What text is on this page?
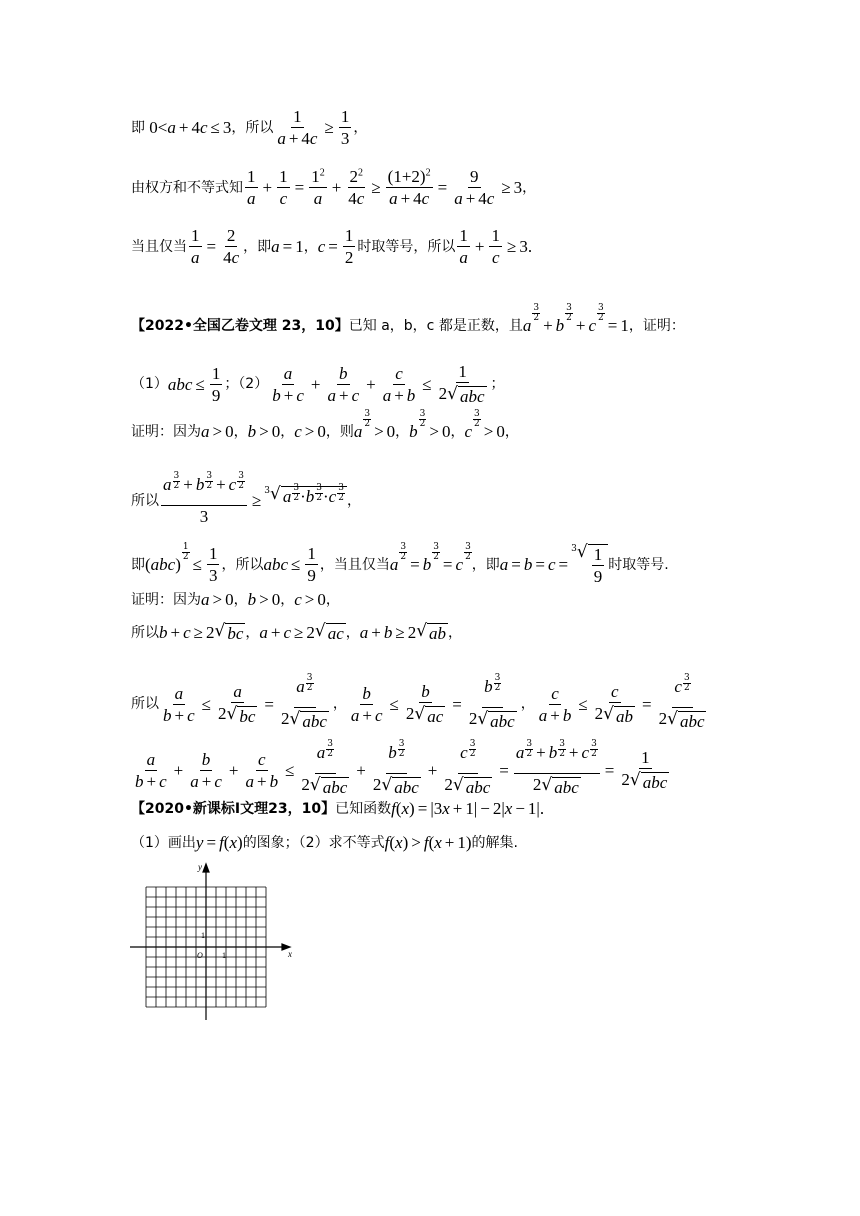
即 0< a + 4 c ≤ 3 ，所以 $\frac{1}{a + 4c} \ge \frac{1}{3}$ ，
由权方和不等式知 $\frac{1}{a} + \frac{1}{c} = \frac{1^2}{a} + \frac{2^2}{4c} \ge \frac{(1+2)^2}{a + 4c} = \frac{9}{a + 4c} \ge 3$ ，
当且仅当 $\frac{1}{a} = \frac{2}{4c}$ ，即 a = 1 ， $c = \frac{1}{2}$ 时取等号，所以 $\frac{1}{a} + \frac{1}{c} \ge 3$ .
【2022•全国乙卷文理 23，10】 已知 a，b，c 都是正数，且 a
3
2 + b
3
2 + c
$\frac{3}{2}$
= 1 ，证明：
（1） abc ≤ $\frac{1}{9}$ ；$(2) \frac{a}{b + c} + \frac{b}{a + c} + \frac{c}{a + b} \le \frac{1}{\text{2 √ abc}}$ ；
证明：因为 a > 0 ， b > 0 ， c > 0 ，则 a
3
2 > 0 ， b
3
2 > 0 ， c
3
2 > 0 ，
所以 $\frac{a \frac{3}{2} + b \frac{3}{2} + c \frac{3}{2}}{3} \ge ^3√$ a $\frac{3}{2} \cdot b \frac{3}{2} \cdot c \frac{3}{2}$ ，
即 ( abc )
$\frac{1}{2}$
≤ $\frac{1}{3}$ ，所以 abc ≤ $\frac{1}{9}$ ，当且仅当 a
$\frac{3}{2}$
= b
$\frac{3}{2}$
= c
3
2 ，即 a = b = c =
$^3√ \frac{1}{9}$ 时取等号.
证明：因为 a > 0 ， b > 0 ， c > 0 ，
所以 b + c ≥ 2 √ bc ， a + c ≥ 2 √ ac ， a + b ≥ 2 √ ab ，
所以 $\frac{a}{b + c} \le \frac{a}{2 √ bc} = \frac{a \frac{3}{2}}{\text{2 √ abc}}$ ， $\frac{b}{a + c} \le \frac{b}{2 √ ac} = \frac{b \frac{3}{2}}{\text{2 √ abc}}$ ， $\frac{c}{a + b} \le \frac{c}{2 √ ab} = \frac{c \frac{3}{2}}{\text{2 √ abc}}$
$\frac{a}{b + c} + \frac{b}{a + c} + \frac{c}{a + b} \le \frac{a \frac{3}{2}}{\text{2 √ abc}} + \frac{b \frac{3}{2}}{\text{2 √ abc}} + \frac{c \frac{3}{2}}{\text{2 √ abc}} = \frac{a \frac{3}{2} + b \frac{3}{2} + c \frac{3}{2}}{\text{2 √ abc}} = \frac{1}{\text{2 √ abc}}$
【2020•新课标Ⅰ文理23，10】 已知函数 f ( x ) = |3 x + 1| − 2| x − 1| .
（1）画出 y = f ( x ) 的图象；（2）求不等式 f ( x ) > f ( x + 1) 的解集.
y
x
O 1
1
